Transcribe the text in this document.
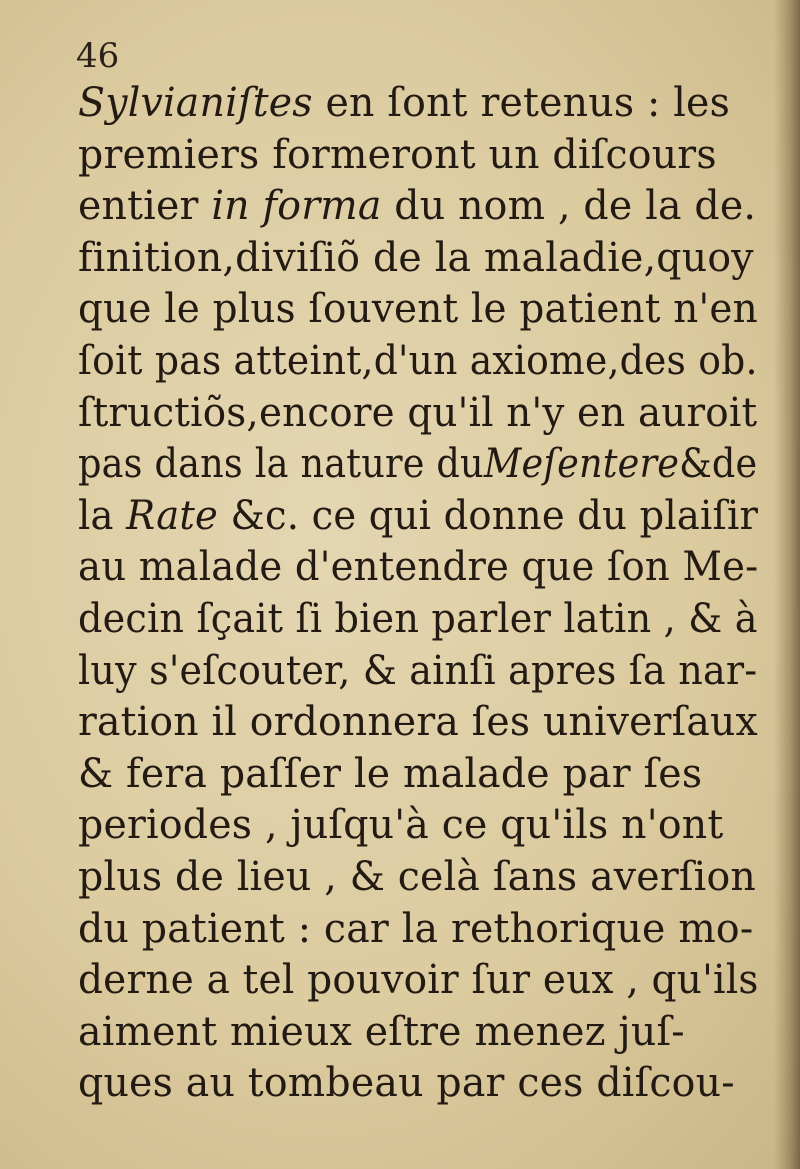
46
Sylvianiſtes en ſont retenus : les
premiers formeront un diſcours
entier in forma du nom , de la de.
finition,diviſiõ de la maladie,quoy
que le plus ſouvent le patient n'en
ſoit pas atteint,d'un axiome,des ob.
ſtructiõs,encore qu'il n'y en auroit
pas dans la nature duMeſentere&de
la Rate &c. ce qui donne du plaiſir
au malade d'entendre que ſon Me-
decin ſçait ſi bien parler latin , & à
luy s'eſcouter, & ainſi apres ſa nar-
ration il ordonnera ſes univerſaux
& fera paſſer le malade par ſes
periodes , juſqu'à ce qu'ils n'ont
plus de lieu , & celà ſans averſion
du patient : car la rethorique mo-
derne a tel pouvoir ſur eux , qu'ils
aiment mieux eſtre menez juſ-
ques au tombeau par ces diſcou-
